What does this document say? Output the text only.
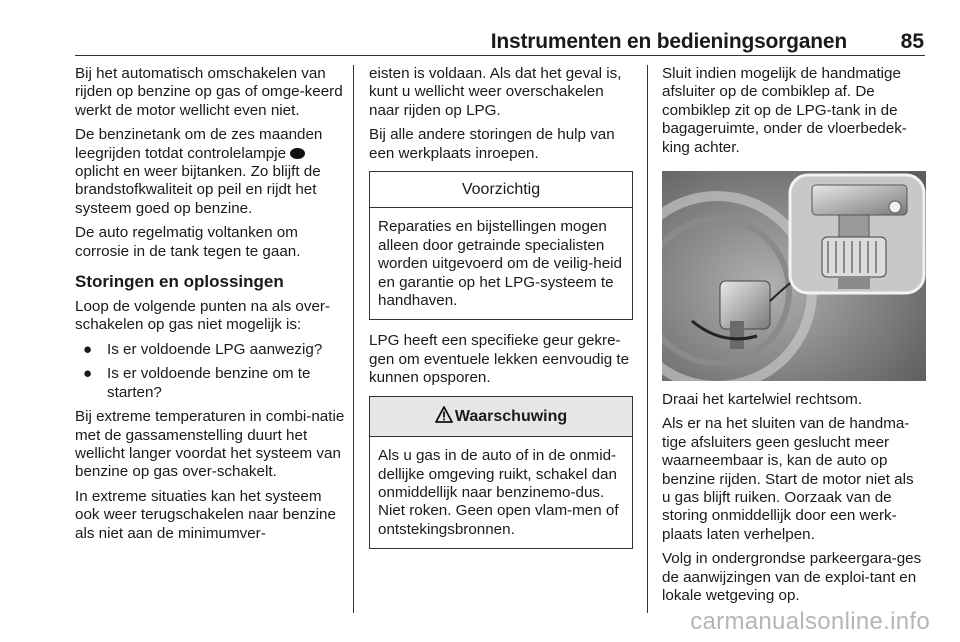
Instrumenten en bedieningsorganen	85

Bij het automatisch omschakelen van rijden op benzine op gas of omge-keerd werkt de motor wellicht even niet.

De benzinetank om de zes maanden leegrijden totdat controlelampje  oplicht en weer bijtanken. Zo blijft de brandstofkwaliteit op peil en rijdt het systeem goed op benzine.

De auto regelmatig voltanken om corrosie in de tank tegen te gaan.

Storingen en oplossingen

Loop de volgende punten na als over-schakelen op gas niet mogelijk is:

● Is er voldoende LPG aanwezig?
● Is er voldoende benzine om te starten?

Bij extreme temperaturen in combi-natie met de gassamenstelling duurt het wellicht langer voordat het systeem van benzine op gas over-schakelt.

In extreme situaties kan het systeem ook weer terugschakelen naar benzine als niet aan de minimumver-

eisten is voldaan. Als dat het geval is, kunt u wellicht weer overschakelen naar rijden op LPG.

Bij alle andere storingen de hulp van een werkplaats inroepen.

Voorzichtig
Reparaties en bijstellingen mogen alleen door getrainde specialisten worden uitgevoerd om de veilig-heid en garantie op het LPG-systeem te handhaven.

LPG heeft een specifieke geur gekre-gen om eventuele lekken eenvoudig te kunnen opsporen.

Waarschuwing
Als u gas in de auto of in de onmid-dellijke omgeving ruikt, schakel dan onmiddellijk naar benzinemo-dus. Niet roken. Geen open vlam-men of ontstekingsbronnen.

Sluit indien mogelijk de handmatige afsluiter op de combiklep af. De combiklep zit op de LPG-tank in de bagageruimte, onder de vloerbedek-king achter.

Draai het kartelwiel rechtsom.

Als er na het sluiten van de handma-tige afsluiters geen geslucht meer waarneembaar is, kan de auto op benzine rijden. Start de motor niet als u gas blijft ruiken. Oorzaak van de storing onmiddellijk door een werk-plaats laten verhelpen.

Volg in ondergrondse parkeergara-ges de aanwijzingen van de exploi-tant en lokale wetgeving op.

carmanualsonline.info
